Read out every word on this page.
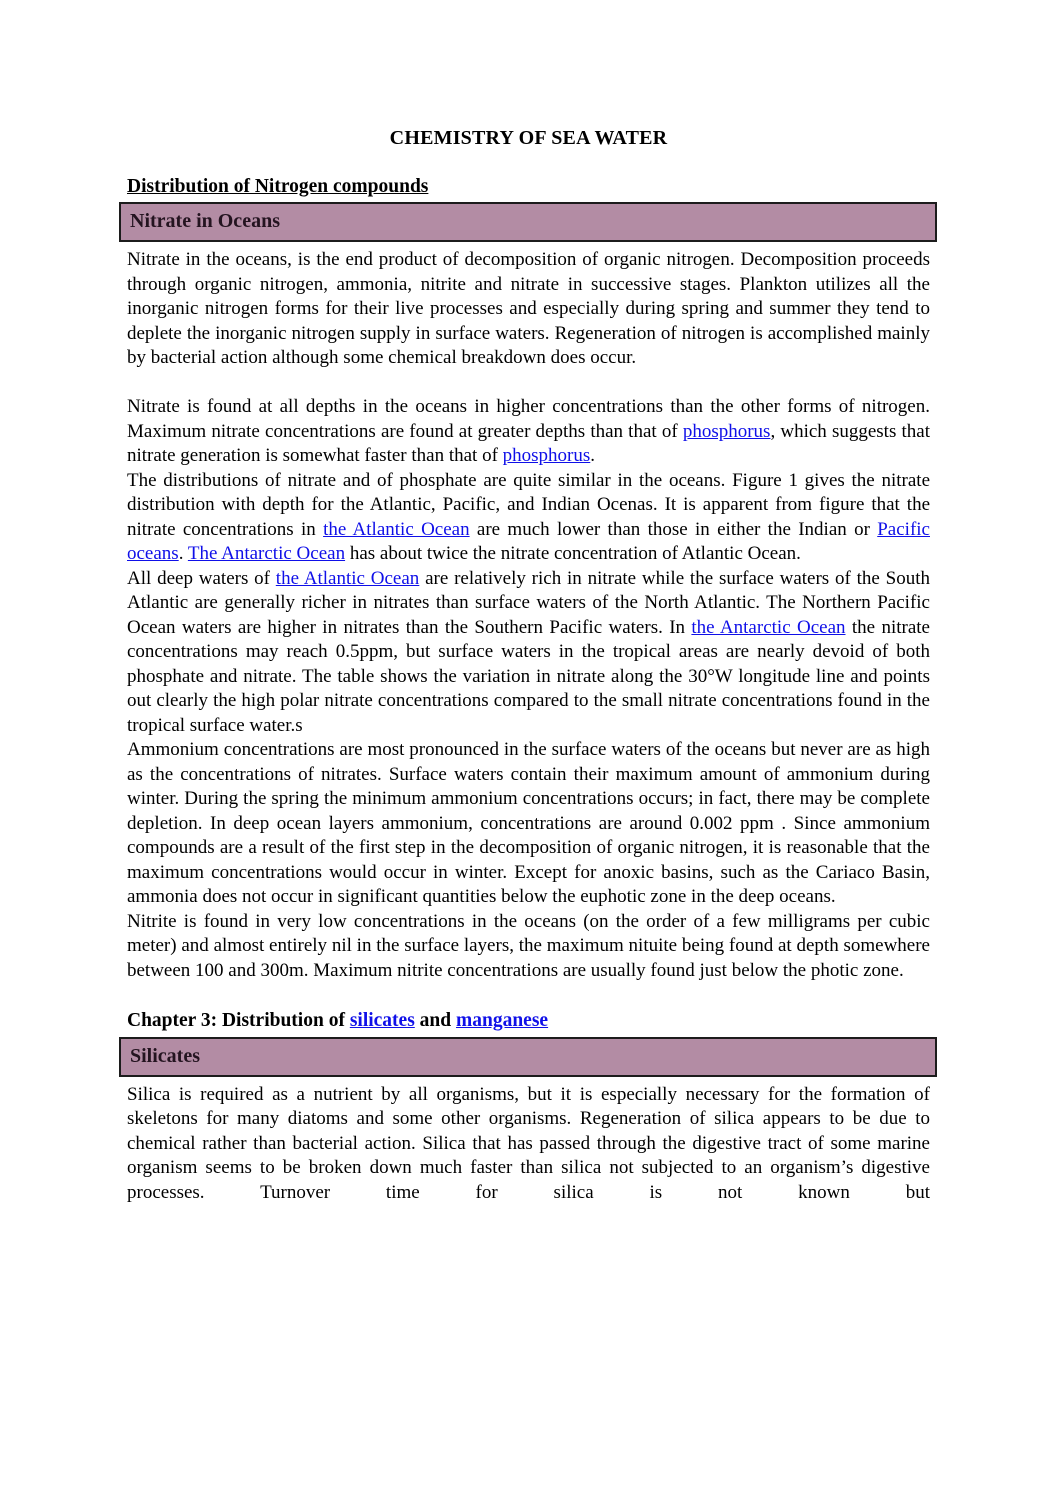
CHEMISTRY OF SEA WATER
Distribution of Nitrogen compounds
Nitrate in Oceans
Nitrate in the oceans, is the end product of decomposition of organic nitrogen. Decomposition proceeds through organic nitrogen, ammonia, nitrite and nitrate in successive stages. Plankton utilizes all the inorganic nitrogen forms for their live processes and especially during spring and summer they tend to deplete the inorganic nitrogen supply in surface waters. Regeneration of nitrogen is accomplished mainly by bacterial action although some chemical breakdown does occur.
Nitrate is found at all depths in the oceans in higher concentrations than the other forms of nitrogen. Maximum nitrate concentrations are found at greater depths than that of phosphorus, which suggests that nitrate generation is somewhat faster than that of phosphorus.
The distributions of nitrate and of phosphate are quite similar in the oceans. Figure 1 gives the nitrate distribution with depth for the Atlantic, Pacific, and Indian Ocenas. It is apparent from figure that the nitrate concentrations in the Atlantic Ocean are much lower than those in either the Indian or Pacific oceans. The Antarctic Ocean has about twice the nitrate concentration of Atlantic Ocean.
All deep waters of the Atlantic Ocean are relatively rich in nitrate while the surface waters of the South Atlantic are generally richer in nitrates than surface waters of the North Atlantic. The Northern Pacific Ocean waters are higher in nitrates than the Southern Pacific waters. In the Antarctic Ocean the nitrate concentrations may reach 0.5ppm, but surface waters in the tropical areas are nearly devoid of both phosphate and nitrate. The table shows the variation in nitrate along the 30°W longitude line and points out clearly the high polar nitrate concentrations compared to the small nitrate concentrations found in the tropical surface water.s
Ammonium concentrations are most pronounced in the surface waters of the oceans but never are as high as the concentrations of nitrates. Surface waters contain their maximum amount of ammonium during winter. During the spring the minimum ammonium concentrations occurs; in fact, there may be complete depletion. In deep ocean layers ammonium, concentrations are around 0.002 ppm . Since ammonium compounds are a result of the first step in the decomposition of organic nitrogen, it is reasonable that the maximum concentrations would occur in winter. Except for anoxic basins, such as the Cariaco Basin, ammonia does not occur in significant quantities below the euphotic zone in the deep oceans.
Nitrite is found in very low concentrations in the oceans (on the order of a few milligrams per cubic meter) and almost entirely nil in the surface layers, the maximum nituite being found at depth somewhere between 100 and 300m. Maximum nitrite concentrations are usually found just below the photic zone.
Chapter 3: Distribution of silicates and manganese
Silicates
Silica is required as a nutrient by all organisms, but it is especially necessary for the formation of skeletons for many diatoms and some other organisms. Regeneration of silica appears to be due to chemical rather than bacterial action. Silica that has passed through the digestive tract of some marine organism seems to be broken down much faster than silica not subjected to an organism’s digestive processes. Turnover time for silica is not known but
